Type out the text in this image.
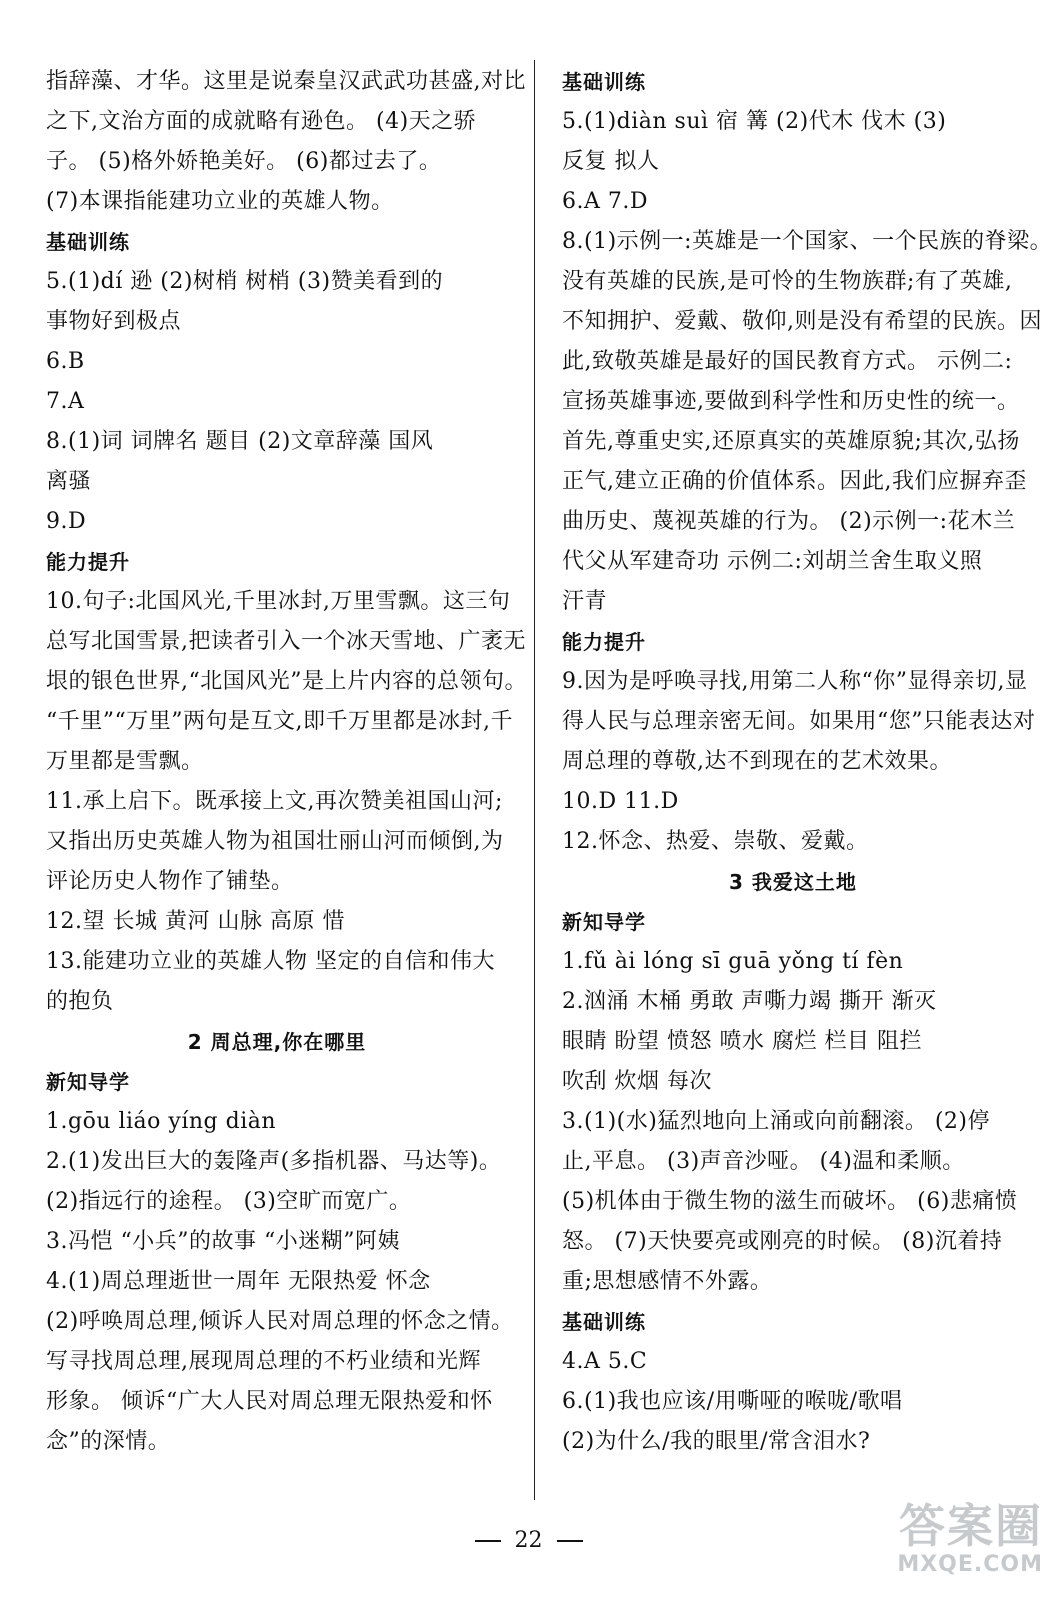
指辞藻、才华。这里是说秦皇汉武武功甚盛,对比
之下,文治方面的成就略有逊色。 (4)天之骄
子。 (5)格外娇艳美好。 (6)都过去了。
(7)本课指能建功立业的英雄人物。
基础训练
5.(1)dí 逊 (2)树梢 树梢 (3)赞美看到的
事物好到极点
6.B
7.A
8.(1)词 词牌名 题目 (2)文章辞藻 国风
离骚
9.D
能力提升
10.句子:北国风光,千里冰封,万里雪飘。这三句
总写北国雪景,把读者引入一个冰天雪地、广袤无
垠的银色世界,“北国风光”是上片内容的总领句。
“千里”“万里”两句是互文,即千万里都是冰封,千
万里都是雪飘。
11.承上启下。既承接上文,再次赞美祖国山河;
又指出历史英雄人物为祖国壮丽山河而倾倒,为
评论历史人物作了铺垫。
12.望 长城 黄河 山脉 高原 惜
13.能建功立业的英雄人物 坚定的自信和伟大
的抱负
2 周总理,你在哪里
新知导学
1.gōu liáo yíng diàn
2.(1)发出巨大的轰隆声(多指机器、马达等)。
(2)指远行的途程。 (3)空旷而宽广。
3.冯恺 “小兵”的故事 “小迷糊”阿姨
4.(1)周总理逝世一周年 无限热爱 怀念
(2)呼唤周总理,倾诉人民对周总理的怀念之情。
写寻找周总理,展现周总理的不朽业绩和光辉
形象。 倾诉“广大人民对周总理无限热爱和怀
念”的深情。
基础训练
5.(1)diàn suì 宿 篝 (2)代木 伐木 (3)
反复 拟人
6.A 7.D
8.(1)示例一:英雄是一个国家、一个民族的脊梁。
没有英雄的民族,是可怜的生物族群;有了英雄,
不知拥护、爱戴、敬仰,则是没有希望的民族。因
此,致敬英雄是最好的国民教育方式。 示例二:
宣扬英雄事迹,要做到科学性和历史性的统一。
首先,尊重史实,还原真实的英雄原貌;其次,弘扬
正气,建立正确的价值体系。因此,我们应摒弃歪
曲历史、蔑视英雄的行为。 (2)示例一:花木兰
代父从军建奇功 示例二:刘胡兰舍生取义照
汗青
能力提升
9.因为是呼唤寻找,用第二人称“你”显得亲切,显
得人民与总理亲密无间。如果用“您”只能表达对
周总理的尊敬,达不到现在的艺术效果。
10.D 11.D
12.怀念、热爱、崇敬、爱戴。
3 我爱这土地
新知导学
1.fǔ ài lóng sī guā yǒng tí fèn
2.汹涌 木桶 勇敢 声嘶力竭 撕开 渐灭
眼睛 盼望 愤怒 喷水 腐烂 栏目 阻拦
吹刮 炊烟 每次
3.(1)(水)猛烈地向上涌或向前翻滚。 (2)停
止,平息。 (3)声音沙哑。 (4)温和柔顺。
(5)机体由于微生物的滋生而破坏。 (6)悲痛愤
怒。 (7)天快要亮或刚亮的时候。 (8)沉着持
重;思想感情不外露。
基础训练
4.A 5.C
6.(1)我也应该/用嘶哑的喉咙/歌唱
(2)为什么/我的眼里/常含泪水?
22	答案圈
MXQE.COM
